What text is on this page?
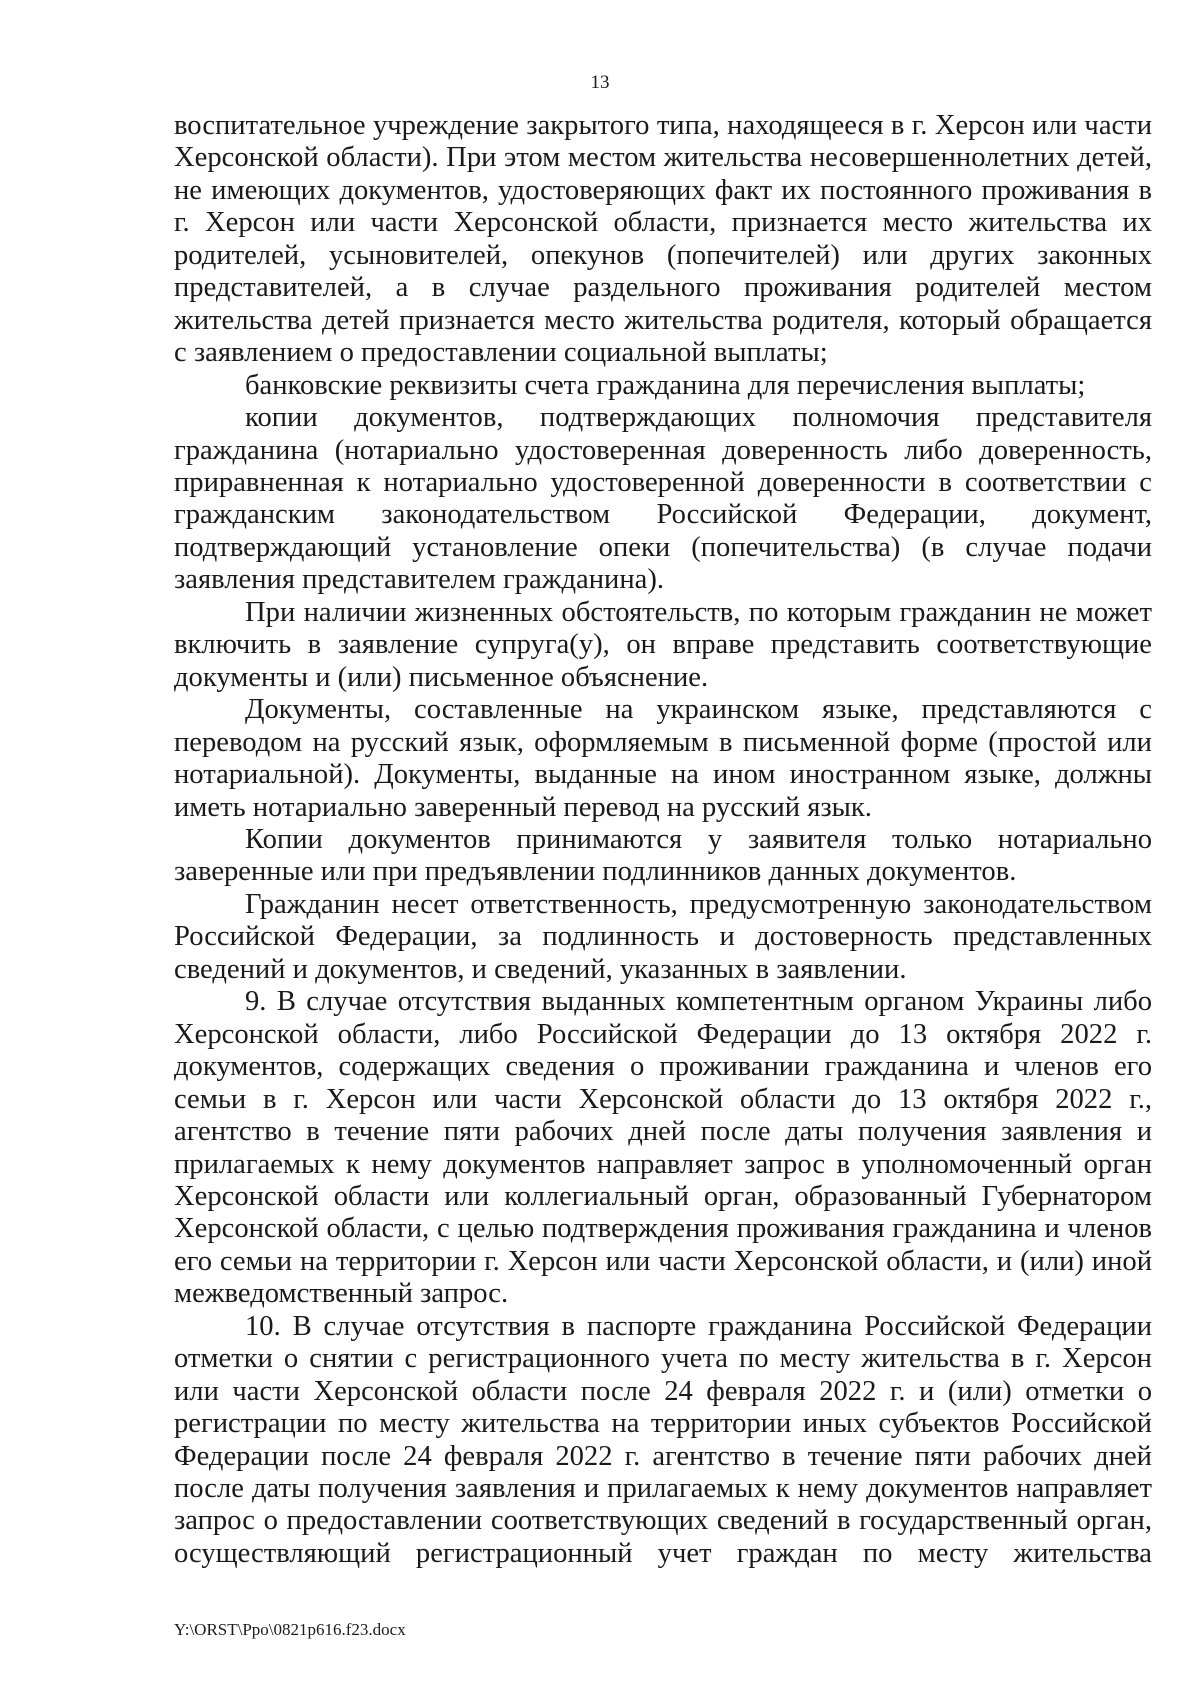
13

воспитательное учреждение закрытого типа, находящееся в г. Херсон или части Херсонской области). При этом местом жительства несовершеннолетних детей, не имеющих документов, удостоверяющих факт их постоянного проживания в г. Херсон или части Херсонской области, признается место жительства их родителей, усыновителей, опекунов (попечителей) или других законных представителей, а в случае раздельного проживания родителей местом жительства детей признается место жительства родителя, который обращается с заявлением о предоставлении социальной выплаты;

банковские реквизиты счета гражданина для перечисления выплаты;

копии документов, подтверждающих полномочия представителя гражданина (нотариально удостоверенная доверенность либо доверенность, приравненная к нотариально удостоверенной доверенности в соответствии с гражданским законодательством Российской Федерации, документ, подтверждающий установление опеки (попечительства) (в случае подачи заявления представителем гражданина).

При наличии жизненных обстоятельств, по которым гражданин не может включить в заявление супруга(у), он вправе представить соответствующие документы и (или) письменное объяснение.

Документы, составленные на украинском языке, представляются с переводом на русский язык, оформляемым в письменной форме (простой или нотариальной). Документы, выданные на ином иностранном языке, должны иметь нотариально заверенный перевод на русский язык.

Копии документов принимаются у заявителя только нотариально заверенные или при предъявлении подлинников данных документов.

Гражданин несет ответственность, предусмотренную законодательством Российской Федерации, за подлинность и достоверность представленных сведений и документов, и сведений, указанных в заявлении.

9. В случае отсутствия выданных компетентным органом Украины либо Херсонской области, либо Российской Федерации до 13 октября 2022 г. документов, содержащих сведения о проживании гражданина и членов его семьи в г. Херсон или части Херсонской области до 13 октября 2022 г., агентство в течение пяти рабочих дней после даты получения заявления и прилагаемых к нему документов направляет запрос в уполномоченный орган Херсонской области или коллегиальный орган, образованный Губернатором Херсонской области, с целью подтверждения проживания гражданина и членов его семьи на территории г. Херсон или части Херсонской области, и (или) иной межведомственный запрос.

10. В случае отсутствия в паспорте гражданина Российской Федерации отметки о снятии с регистрационного учета по месту жительства в г. Херсон или части Херсонской области после 24 февраля 2022 г. и (или) отметки о регистрации по месту жительства на территории иных субъектов Российской Федерации после 24 февраля 2022 г. агентство в течение пяти рабочих дней после даты получения заявления и прилагаемых к нему документов направляет запрос о предоставлении соответствующих сведений в государственный орган, осуществляющий регистрационный учет граждан по месту жительства

Y:\ORST\Ppo\0821p616.f23.docx
